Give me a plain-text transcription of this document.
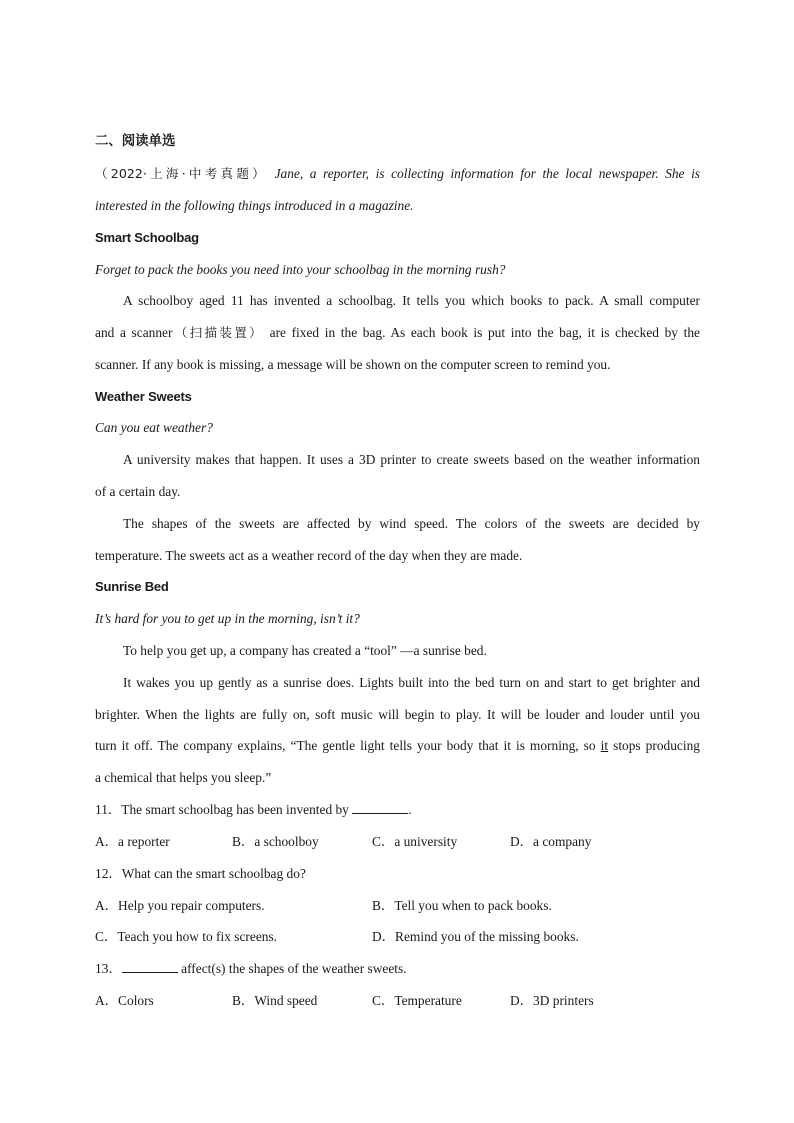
二、阅读单选
（2022·上海·中考真题） Jane, a reporter, is collecting information for the local newspaper. She is
interested in the following things introduced in a magazine.
Smart Schoolbag
Forget to pack the books you need into your schoolbag in the morning rush?
A schoolboy aged 11 has invented a schoolbag. It tells you which books to pack. A small computer
and a scanner（扫描装置） are fixed in the bag. As each book is put into the bag, it is checked by the
scanner. If any book is missing, a message will be shown on the computer screen to remind you.
Weather Sweets
Can you eat weather?
A university makes that happen. It uses a 3D printer to create sweets based on the weather information
of a certain day.
The shapes of the sweets are affected by wind speed. The colors of the sweets are decided by
temperature. The sweets act as a weather record of the day when they are made.
Sunrise Bed
It’s hard for you to get up in the morning, isn’t it?
To help you get up, a company has created a “tool” —a sunrise bed.
It wakes you up gently as a sunrise does. Lights built into the bed turn on and start to get brighter and
brighter. When the lights are fully on, soft music will begin to play. It will be louder and louder until you
turn it off. The company explains, “The gentle light tells your body that it is morning, so it stops producing
a chemical that helps you sleep.”
11．The smart schoolbag has been invented by	.
A．a reporter	B．a schoolboy	C．a university	D．a company
12．What can the smart schoolbag do?
A．Help you repair computers.	B．Tell you when to pack books.
C．Teach you how to fix screens.	D．Remind you of the missing books.
13．	affect(s) the shapes of the weather sweets.
A．Colors	B．Wind speed	C．Temperature	D．3D printers
